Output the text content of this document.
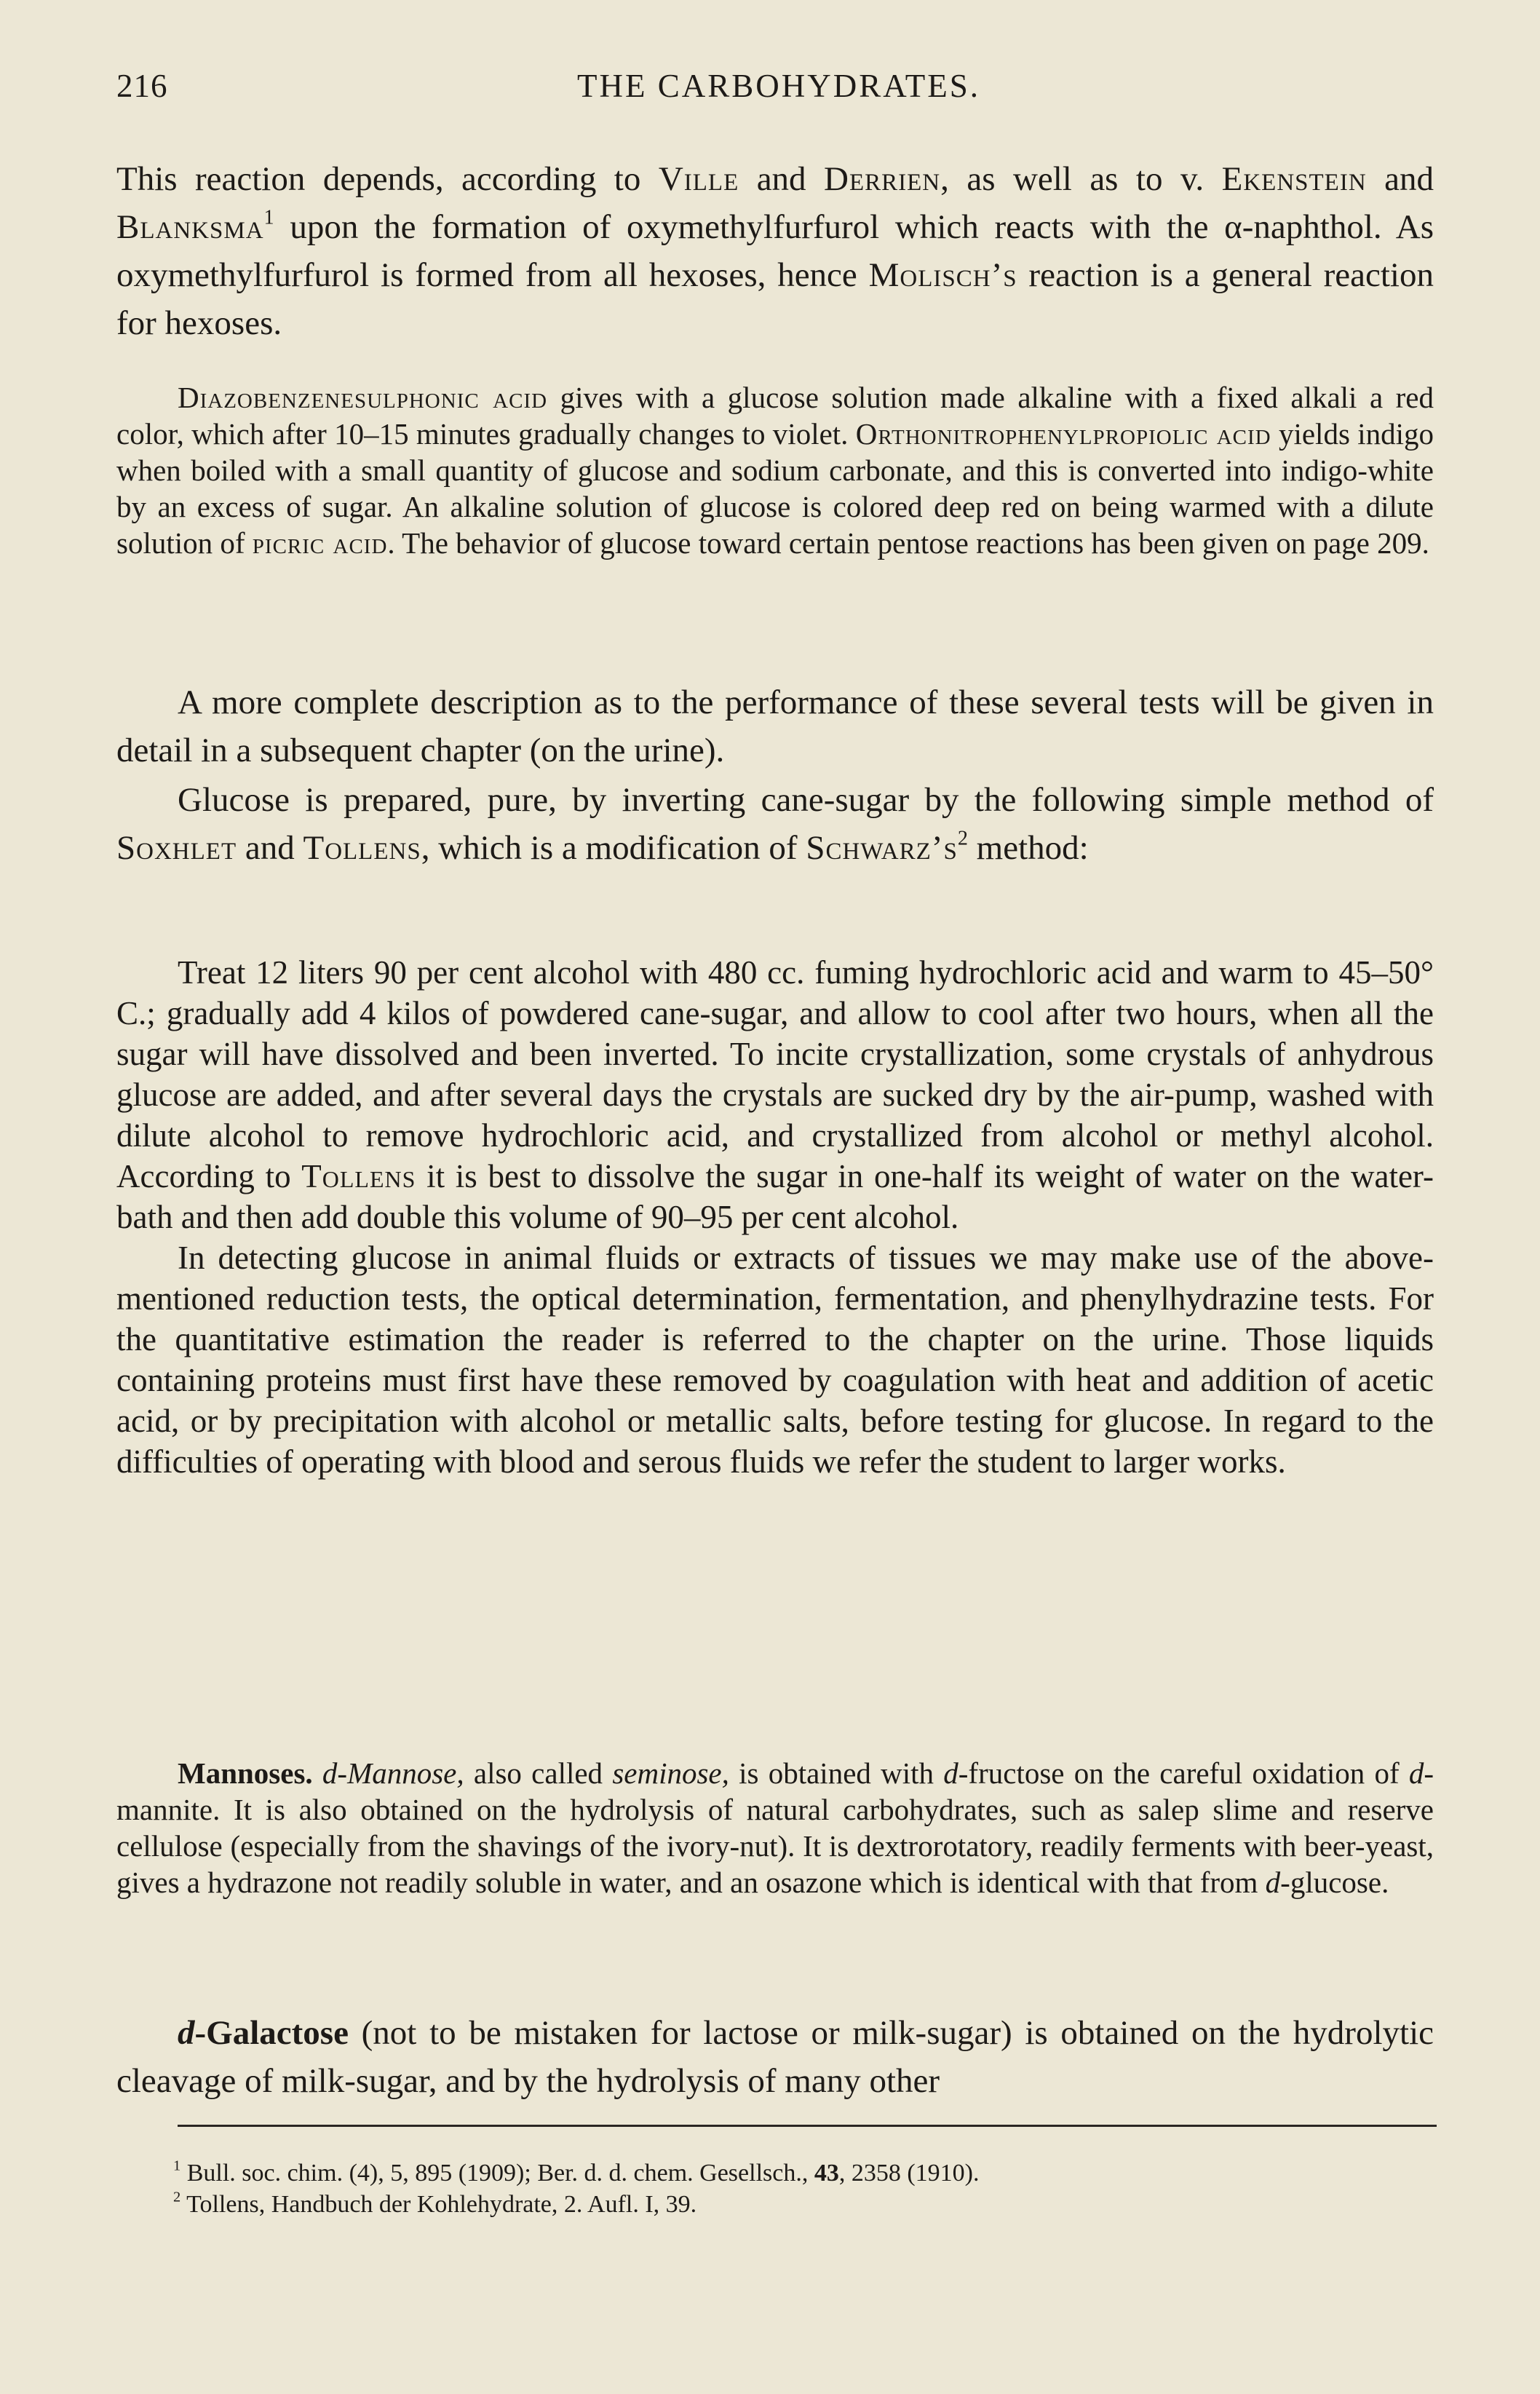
216	THE CARBOHYDRATES.

This reaction depends, according to Ville and Derrien, as well as to v. Ekenstein and Blanksma$^1$ upon the formation of oxymethylfurfurol which reacts with the α-naphthol. As oxymethylfurfurol is formed from all hexoses, hence Molisch’s reaction is a general reaction for hexoses.

Diazobenzenesulphonic acid gives with a glucose solution made alkaline with a fixed alkali a red color, which after 10–15 minutes gradually changes to violet. Orthonitrophenylpropiolic acid yields indigo when boiled with a small quantity of glucose and sodium carbonate, and this is converted into indigo-white by an excess of sugar. An alkaline solution of glucose is colored deep red on being warmed with a dilute solution of picric acid. The behavior of glucose toward certain pentose reactions has been given on page 209.

A more complete description as to the performance of these several tests will be given in detail in a subsequent chapter (on the urine).

Glucose is prepared, pure, by inverting cane-sugar by the following simple method of Soxhlet and Tollens, which is a modification of $Schwarz’s^2$ method:

Treat 12 liters 90 per cent alcohol with 480 cc. fuming hydrochloric acid and warm to 45–50° C.; gradually add 4 kilos of powdered cane-sugar, and allow to cool after two hours, when all the sugar will have dissolved and been inverted. To incite crystallization, some crystals of anhydrous glucose are added, and after several days the crystals are sucked dry by the air-pump, washed with dilute alcohol to remove hydrochloric acid, and crystallized from alcohol or methyl alcohol. According to Tollens it is best to dissolve the sugar in one-half its weight of water on the water-bath and then add double this volume of 90–95 per cent alcohol.

In detecting glucose in animal fluids or extracts of tissues we may make use of the above-mentioned reduction tests, the optical determination, fermentation, and phenylhydrazine tests. For the quantitative estimation the reader is referred to the chapter on the urine. Those liquids containing proteins must first have these removed by coagulation with heat and addition of acetic acid, or by precipitation with alcohol or metallic salts, before testing for glucose. In regard to the difficulties of operating with blood and serous fluids we refer the student to larger works.

Mannoses. d-Mannose, also called seminose, is obtained with d-fructose on the careful oxidation of d-mannite. It is also obtained on the hydrolysis of natural carbohydrates, such as salep slime and reserve cellulose (especially from the shavings of the ivory-nut). It is dextrorotatory, readily ferments with beer-yeast, gives a hydrazone not readily soluble in water, and an osazone which is identical with that from d-glucose.

d-Galactose (not to be mistaken for lactose or milk-sugar) is obtained on the hydrolytic cleavage of milk-sugar, and by the hydrolysis of many other

$^1$ Bull. soc. chim. (4), 5, 895 (1909); Ber. d. d. chem. Gesellsch., 43, 2358 (1910).

$^2$ Tollens, Handbuch der Kohlehydrate, 2. Aufl. I, 39.
